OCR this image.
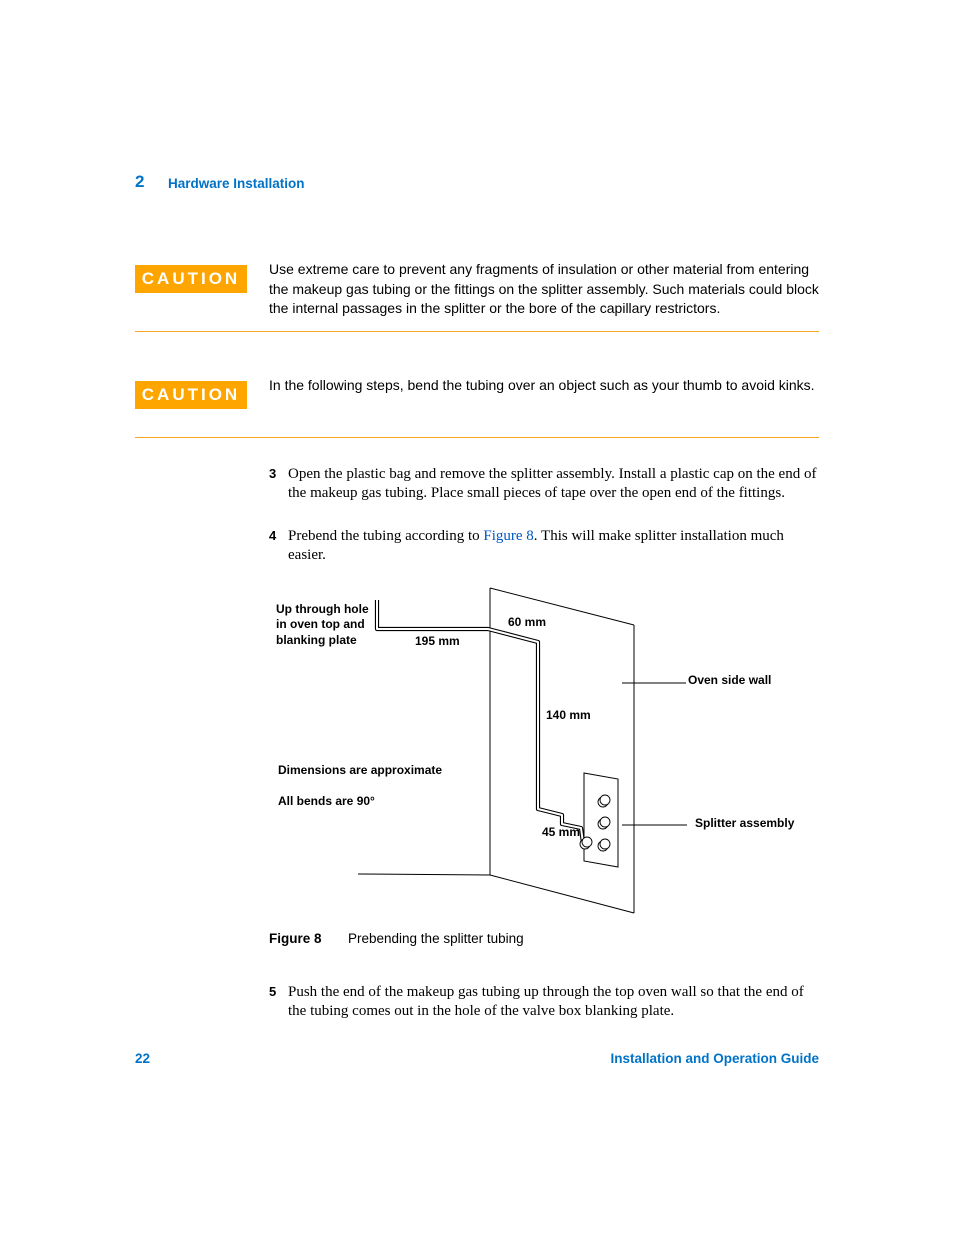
2 Hardware Installation
CAUTION	Use extreme care to prevent any fragments of insulation or other material from entering the makeup gas tubing or the fittings on the splitter assembly. Such materials could block the internal passages in the splitter or the bore of the capillary restrictors.
CAUTION	In the following steps, bend the tubing over an object such as your thumb to avoid kinks.
3 Open the plastic bag and remove the splitter assembly. Install a plastic cap on the end of the makeup gas tubing. Place small pieces of tape over the open end of the fittings.
4 Prebend the tubing according to Figure 8. This will make splitter installation much easier.
Up through hole
in oven top and
blanking plate	195 mm
60 mm
140 mm
45 mm
Oven side wall
Splitter assembly
Dimensions are approximate
All bends are 90°
Figure 8 Prebending the splitter tubing
5 Push the end of the makeup gas tubing up through the top oven wall so that the end of the tubing comes out in the hole of the valve box blanking plate.
22	Installation and Operation Guide
